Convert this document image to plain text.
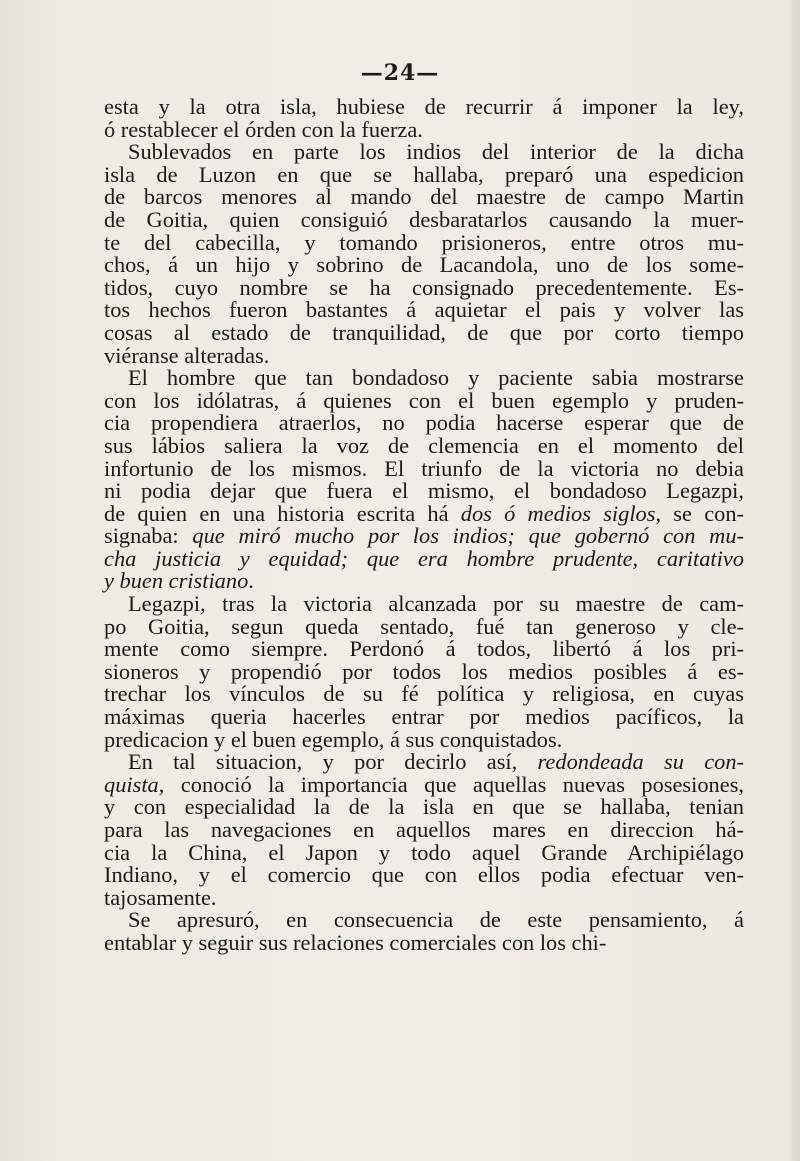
—24—

esta y la otra isla, hubiese de recurrir á imponer la ley,
ó restablecer el órden con la fuerza.
Sublevados en parte los indios del interior de la dicha
isla de Luzon en que se hallaba, preparó una espedicion
de barcos menores al mando del maestre de campo Martin
de Goitia, quien consiguió desbaratarlos causando la muer-
te del cabecilla, y tomando prisioneros, entre otros mu-
chos, á un hijo y sobrino de Lacandola, uno de los some-
tidos, cuyo nombre se ha consignado precedentemente. Es-
tos hechos fueron bastantes á aquietar el pais y volver las
cosas al estado de tranquilidad, de que por corto tiempo
viéranse alteradas.
El hombre que tan bondadoso y paciente sabia mostrarse
con los idólatras, á quienes con el buen egemplo y pruden-
cia propendiera atraerlos, no podia hacerse esperar que de
sus lábios saliera la voz de clemencia en el momento del
infortunio de los mismos. El triunfo de la victoria no debia
ni podia dejar que fuera el mismo, el bondadoso Legazpi,
de quien en una historia escrita há dos ó medios siglos, se con-
signaba: que miró mucho por los indios; que gobernó con mu-
cha justicia y equidad; que era hombre prudente, caritativo
y buen cristiano.
Legazpi, tras la victoria alcanzada por su maestre de cam-
po Goitia, segun queda sentado, fué tan generoso y cle-
mente como siempre. Perdonó á todos, libertó á los pri-
sioneros y propendió por todos los medios posibles á es-
trechar los vínculos de su fé política y religiosa, en cuyas
máximas queria hacerles entrar por medios pacíficos, la
predicacion y el buen egemplo, á sus conquistados.
En tal situacion, y por decirlo así, redondeada su con-
quista, conoció la importancia que aquellas nuevas posesiones,
y con especialidad la de la isla en que se hallaba, tenian
para las navegaciones en aquellos mares en direccion há-
cia la China, el Japon y todo aquel Grande Archipiélago
Indiano, y el comercio que con ellos podia efectuar ven-
tajosamente.
Se apresuró, en consecuencia de este pensamiento, á
entablar y seguir sus relaciones comerciales con los chi-
